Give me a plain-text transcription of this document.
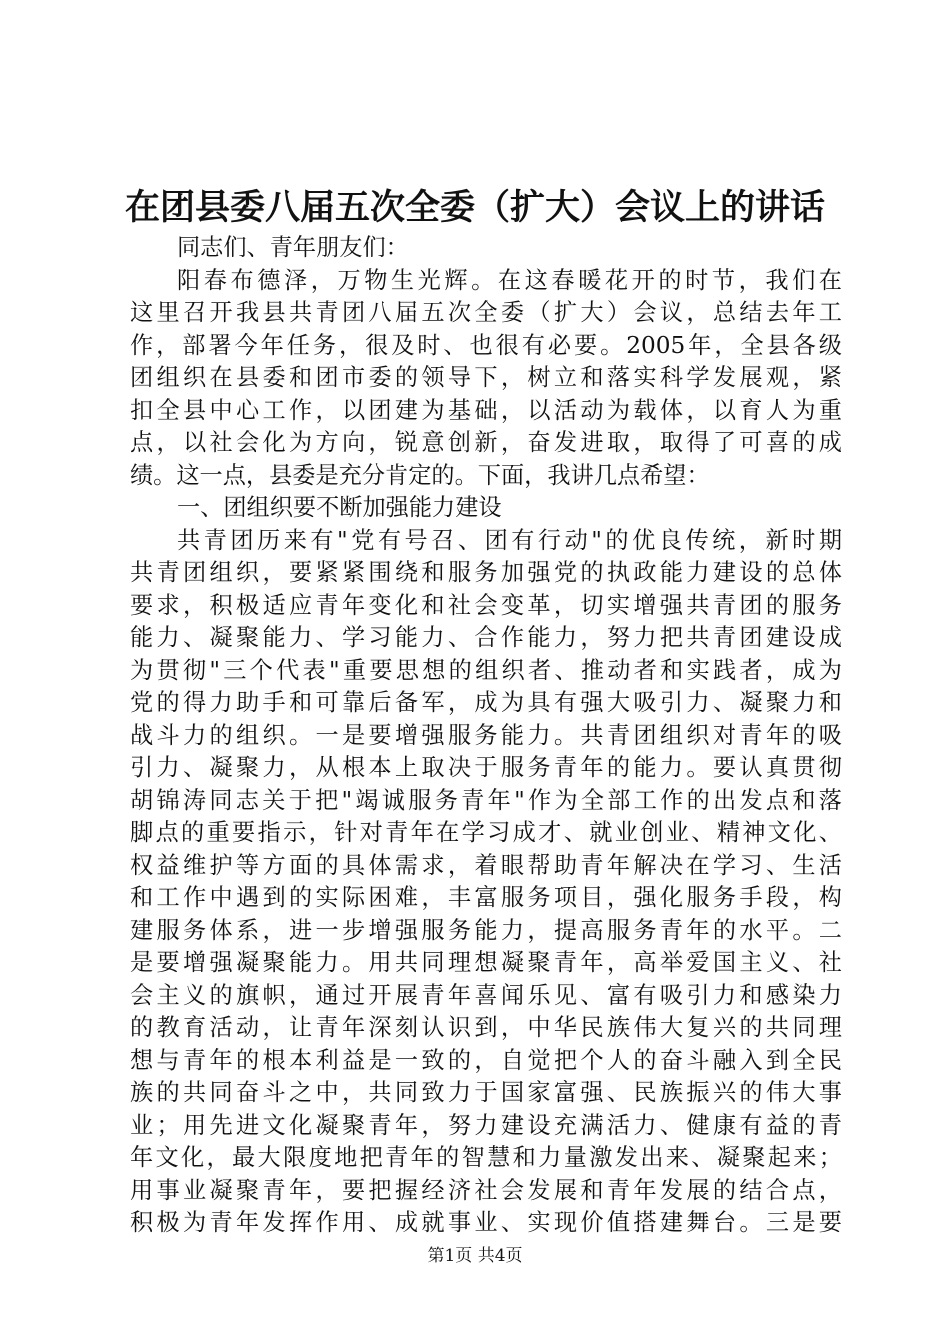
在团县委八届五次全委（扩大）会议上的讲话
同志们、青年朋友们：
阳春布德泽，万物生光辉。在这春暖花开的时节，我们在
这里召开我县共青团八届五次全委（扩大）会议，总结去年工
作，部署今年任务，很及时、也很有必要。2005年，全县各级
团组织在县委和团市委的领导下，树立和落实科学发展观，紧
扣全县中心工作，以团建为基础，以活动为载体，以育人为重
点，以社会化为方向，锐意创新，奋发进取，取得了可喜的成
绩。这一点，县委是充分肯定的。下面，我讲几点希望：
一、团组织要不断加强能力建设
共青团历来有"党有号召、团有行动"的优良传统，新时期
共青团组织，要紧紧围绕和服务加强党的执政能力建设的总体
要求，积极适应青年变化和社会变革，切实增强共青团的服务
能力、凝聚能力、学习能力、合作能力，努力把共青团建设成
为贯彻"三个代表"重要思想的组织者、推动者和实践者，成为
党的得力助手和可靠后备军，成为具有强大吸引力、凝聚力和
战斗力的组织。一是要增强服务能力。共青团组织对青年的吸
引力、凝聚力，从根本上取决于服务青年的能力。要认真贯彻
胡锦涛同志关于把"竭诚服务青年"作为全部工作的出发点和落
脚点的重要指示，针对青年在学习成才、就业创业、精神文化、
权益维护等方面的具体需求，着眼帮助青年解决在学习、生活
和工作中遇到的实际困难，丰富服务项目，强化服务手段，构
建服务体系，进一步增强服务能力，提高服务青年的水平。二
是要增强凝聚能力。用共同理想凝聚青年，高举爱国主义、社
会主义的旗帜，通过开展青年喜闻乐见、富有吸引力和感染力
的教育活动，让青年深刻认识到，中华民族伟大复兴的共同理
想与青年的根本利益是一致的，自觉把个人的奋斗融入到全民
族的共同奋斗之中，共同致力于国家富强、民族振兴的伟大事
业；用先进文化凝聚青年，努力建设充满活力、健康有益的青
年文化，最大限度地把青年的智慧和力量激发出来、凝聚起来；
用事业凝聚青年，要把握经济社会发展和青年发展的结合点，
积极为青年发挥作用、成就事业、实现价值搭建舞台。三是要
第1页 共4页
